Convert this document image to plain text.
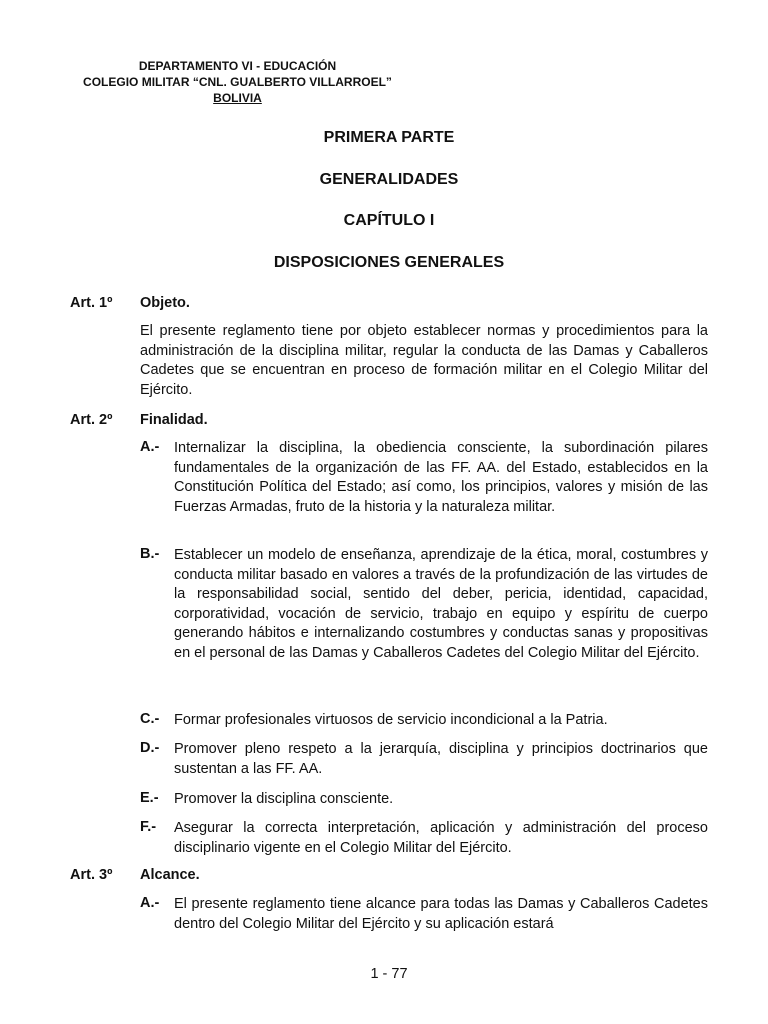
DEPARTAMENTO VI - EDUCACIÓN
COLEGIO MILITAR “CNL. GUALBERTO VILLARROEL”
BOLIVIA
PRIMERA PARTE
GENERALIDADES
CAPÍTULO I
DISPOSICIONES GENERALES
Art. 1º Objeto.
El presente reglamento tiene por objeto establecer normas y procedimientos para la administración de la disciplina militar, regular la conducta de las Damas y Caballeros Cadetes que se encuentran en proceso de formación militar en el Colegio Militar del Ejército.
Art. 2º Finalidad.
A.- Internalizar la disciplina, la obediencia consciente, la subordinación pilares fundamentales de la organización de las FF. AA. del Estado, establecidos en la Constitución Política del Estado; así como, los principios, valores y misión de las Fuerzas Armadas, fruto de la historia y la naturaleza militar.
B.- Establecer un modelo de enseñanza, aprendizaje de la ética, moral, costumbres y conducta militar basado en valores a través de la profundización de las virtudes de la responsabilidad social, sentido del deber, pericia, identidad, capacidad, corporatividad, vocación de servicio, trabajo en equipo y espíritu de cuerpo generando hábitos e internalizando costumbres y conductas sanas y propositivas en el personal de las Damas y Caballeros Cadetes del Colegio Militar del Ejército.
C.- Formar profesionales virtuosos de servicio incondicional a la Patria.
D.- Promover pleno respeto a la jerarquía, disciplina y principios doctrinarios que sustentan a las FF. AA.
E.- Promover la disciplina consciente.
F.- Asegurar la correcta interpretación, aplicación y administración del proceso disciplinario vigente en el Colegio Militar del Ejército.
Art. 3º Alcance.
A.- El presente reglamento tiene alcance para todas las Damas y Caballeros Cadetes dentro del Colegio Militar del Ejército y su aplicación estará
1 - 77
